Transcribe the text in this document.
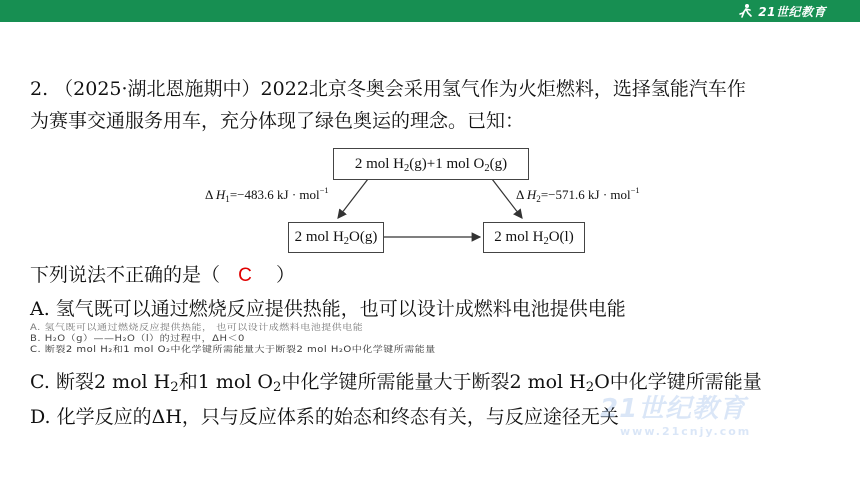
21世纪教育
2. （2025·湖北恩施期中）2022北京冬奥会采用氢气作为火炬燃料，选择氢能汽车作
为赛事交通服务用车，充分体现了绿色奥运的理念。已知：
2 mol $H_2(g)+1$ mol $O_2(g)$
2 mol $H_2O(g)$	2 mol $H_2O(l)$
Δ $H_1=-483.6$ kJ · mol$^{-1}$	Δ $H_2=-571.6$ kJ · mol$^{-1}$
下列说法不正确的是（ C ）
A. 氢气既可以通过燃烧反应提供热能，也可以设计成燃料电池提供电能
A. 氢气既可以通过燃烧反应提供热能， 也可以设计成燃料电池提供电能
B. H₂O（g）——H₂O（l）的过程中，ΔH＜0
C. 断裂2 mol H₂和1 mol O₂中化学键所需能量大于断裂2 mol H₂O中化学键所需能量
C. 断裂2 mol $H_2$和1 mol $O_2$中化学键所需能量大于断裂2 mol $H_2O$中化学键所需能量
D. 化学反应的ΔH，只与反应体系的始态和终态有关，与反应途径无关
21世纪教育
www.21cnjy.com
